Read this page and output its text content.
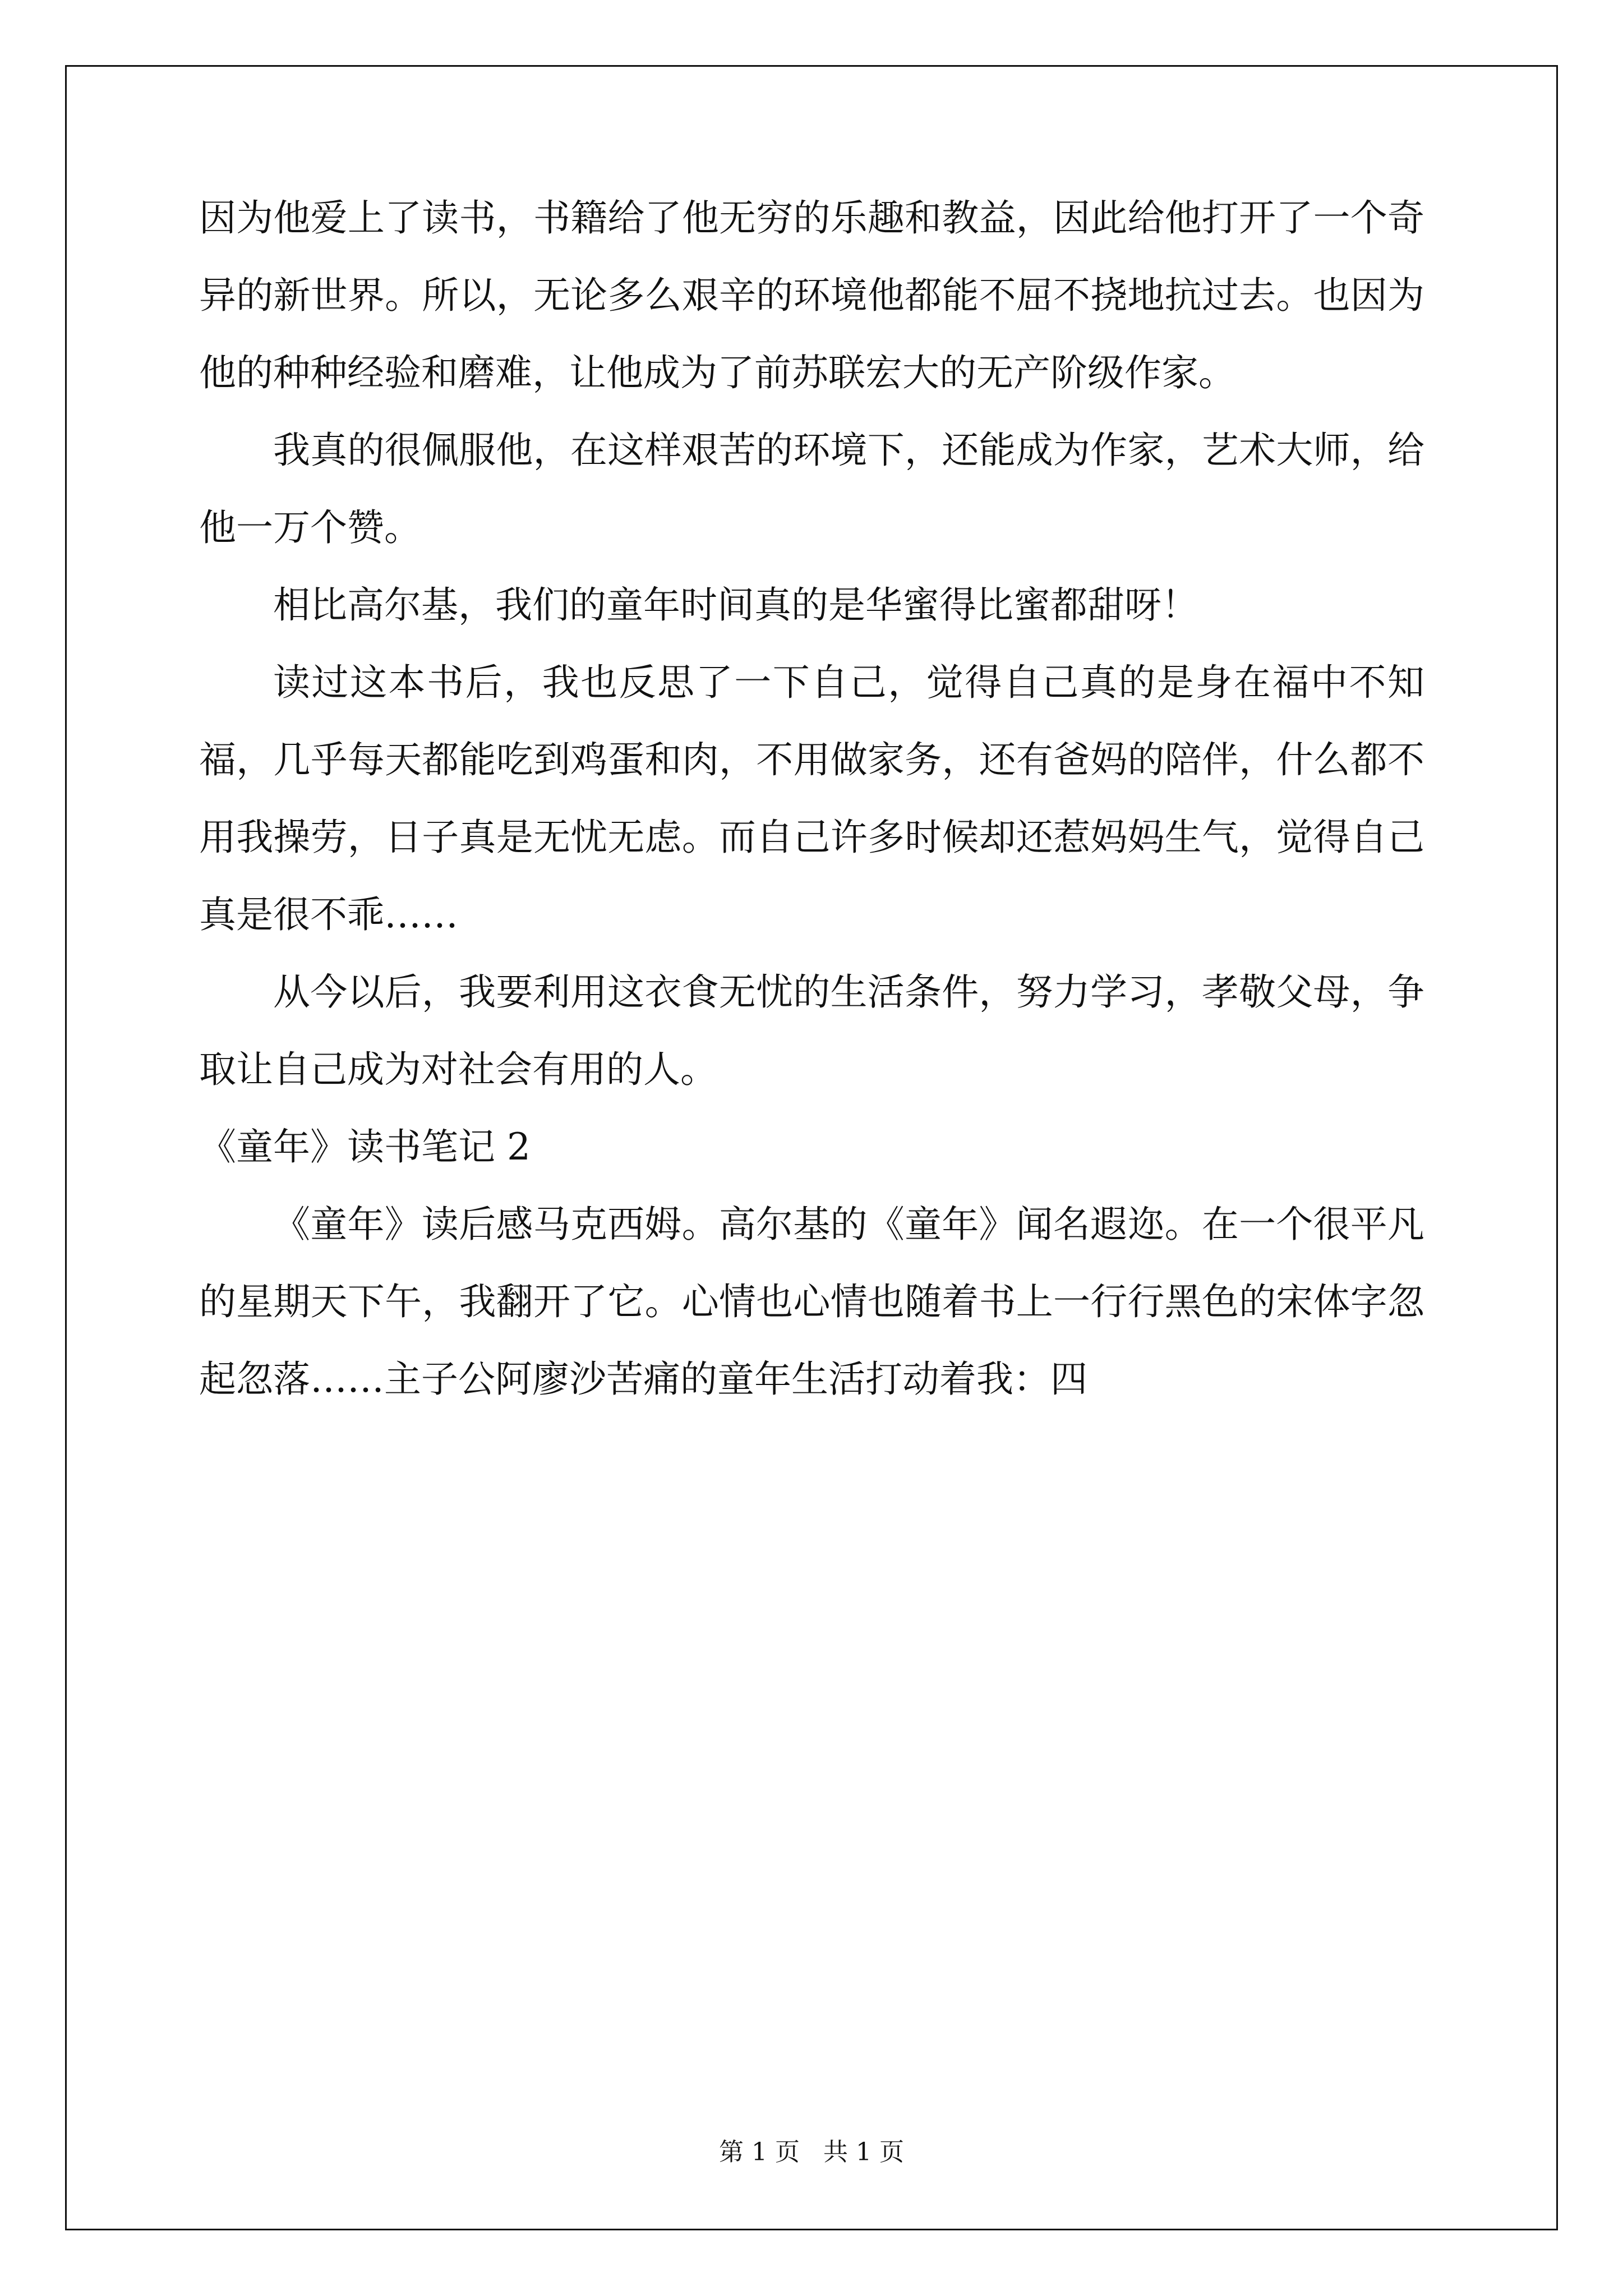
因为他爱上了读书，书籍给了他无穷的乐趣和教益，因此给他打开了一个奇异的新世界。所以，无论多么艰辛的环境他都能不屈不挠地抗过去。也因为他的种种经验和磨难，让他成为了前苏联宏大的无产阶级作家。

我真的很佩服他，在这样艰苦的环境下，还能成为作家，艺术大师，给他一万个赞。

相比高尔基，我们的童年时间真的是华蜜得比蜜都甜呀！

读过这本书后，我也反思了一下自己，觉得自己真的是身在福中不知福，几乎每天都能吃到鸡蛋和肉，不用做家务，还有爸妈的陪伴，什么都不用我操劳，日子真是无忧无虑。而自己许多时候却还惹妈妈生气，觉得自己真是很不乖……

从今以后，我要利用这衣食无忧的生活条件，努力学习，孝敬父母，争取让自己成为对社会有用的人。

《童年》读书笔记 2

《童年》读后感马克西姆。高尔基的《童年》闻名遐迩。在一个很平凡的星期天下午，我翻开了它。心情也心情也随着书上一行行黑色的宋体字忽起忽落……主子公阿廖沙苦痛的童年生活打动着我：四

第 1 页 共 1 页
